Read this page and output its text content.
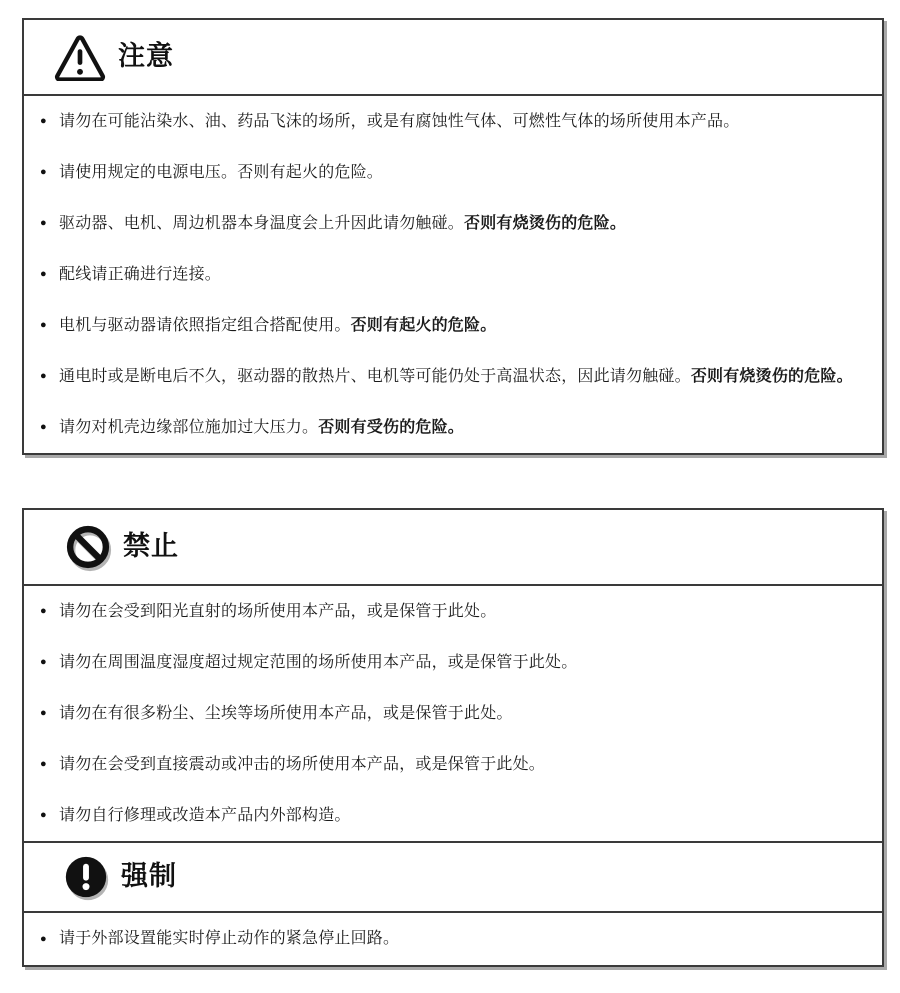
注意
● 请勿在可能沾染水、油、药品飞沫的场所，或是有腐蚀性气体、可燃性气体的场所使用本产品。
● 请使用规定的电源电压。否则有起火的危险。
● 驱动器、电机、周边机器本身温度会上升因此请勿触碰。否则有烧烫伤的危险。
● 配线请正确进行连接。
● 电机与驱动器请依照指定组合搭配使用。否则有起火的危险。
● 通电时或是断电后不久，驱动器的散热片、电机等可能仍处于高温状态，因此请勿触碰。否则有烧烫伤的危险。
● 请勿对机壳边缘部位施加过大压力。否则有受伤的危险。
禁止
● 请勿在会受到阳光直射的场所使用本产品，或是保管于此处。
● 请勿在周围温度湿度超过规定范围的场所使用本产品，或是保管于此处。
● 请勿在有很多粉尘、尘埃等场所使用本产品，或是保管于此处。
● 请勿在会受到直接震动或冲击的场所使用本产品，或是保管于此处。
● 请勿自行修理或改造本产品内外部构造。
强制
● 请于外部设置能实时停止动作的紧急停止回路。
